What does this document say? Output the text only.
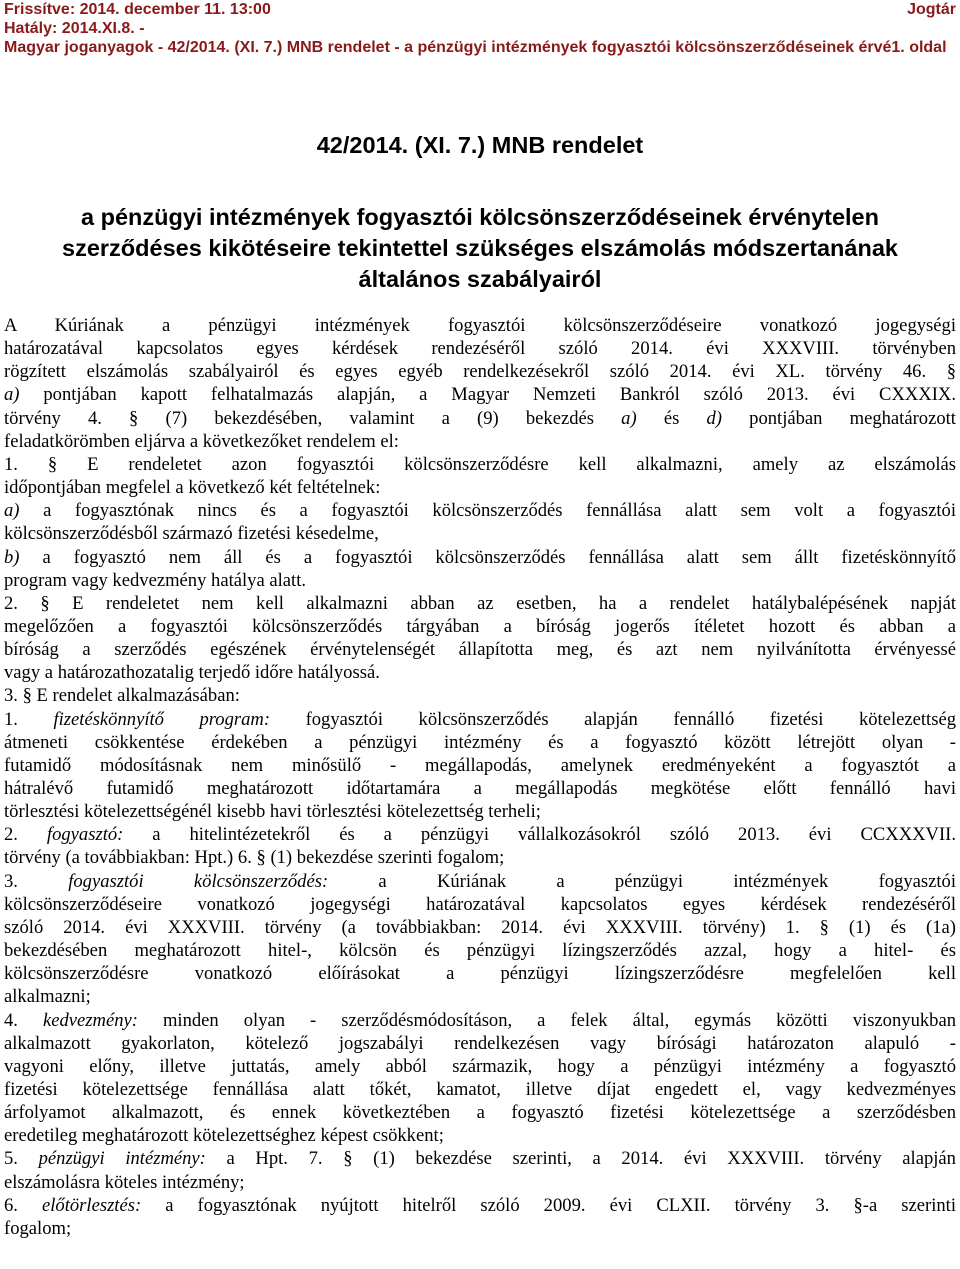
Frissítve: 2014. december 11. 13:00	Jogtár
Hatály: 2014.XI.8. -
Magyar joganyagok - 42/2014. (XI. 7.) MNB rendelet - a pénzügyi intézmények fogyasztói kölcsönszerződéseinek érvé1. oldal
42/2014. (XI. 7.) MNB rendelet
a pénzügyi intézmények fogyasztói kölcsönszerződéseinek érvénytelen
szerződéses kikötéseire tekintettel szükséges elszámolás módszertanának
általános szabályairól
A Kúriának a pénzügyi intézmények fogyasztói kölcsönszerződéseire vonatkozó jogegységi
határozatával kapcsolatos egyes kérdések rendezéséről szóló 2014. évi XXXVIII. törvényben
rögzített elszámolás szabályairól és egyes egyéb rendelkezésekről szóló 2014. évi XL. törvény 46. §
a) pontjában kapott felhatalmazás alapján, a Magyar Nemzeti Bankról szóló 2013. évi CXXXIX.
törvény 4. § (7) bekezdésében, valamint a (9) bekezdés a) és d) pontjában meghatározott
feladatkörömben eljárva a következőket rendelem el:
1. § E rendeletet azon fogyasztói kölcsönszerződésre kell alkalmazni, amely az elszámolás
időpontjában megfelel a következő két feltételnek:
a) a fogyasztónak nincs és a fogyasztói kölcsönszerződés fennállása alatt sem volt a fogyasztói
kölcsönszerződésből származó fizetési késedelme,
b) a fogyasztó nem áll és a fogyasztói kölcsönszerződés fennállása alatt sem állt fizetéskönnyítő
program vagy kedvezmény hatálya alatt.
2. § E rendeletet nem kell alkalmazni abban az esetben, ha a rendelet hatálybalépésének napját
megelőzően a fogyasztói kölcsönszerződés tárgyában a bíróság jogerős ítéletet hozott és abban a
bíróság a szerződés egészének érvénytelenségét állapította meg, és azt nem nyilvánította érvényessé
vagy a határozathozatalig terjedő időre hatályossá.
3. § E rendelet alkalmazásában:
1. fizetéskönnyítő program: fogyasztói kölcsönszerződés alapján fennálló fizetési kötelezettség
átmeneti csökkentése érdekében a pénzügyi intézmény és a fogyasztó között létrejött olyan -
futamidő módosításnak nem minősülő - megállapodás, amelynek eredményeként a fogyasztót a
hátralévő futamidő meghatározott időtartamára a megállapodás megkötése előtt fennálló havi
törlesztési kötelezettségénél kisebb havi törlesztési kötelezettség terheli;
2. fogyasztó: a hitelintézetekről és a pénzügyi vállalkozásokról szóló 2013. évi CCXXXVII.
törvény (a továbbiakban: Hpt.) 6. § (1) bekezdése szerinti fogalom;
3. fogyasztói kölcsönszerződés: a Kúriának a pénzügyi intézmények fogyasztói
kölcsönszerződéseire vonatkozó jogegységi határozatával kapcsolatos egyes kérdések rendezéséről
szóló 2014. évi XXXVIII. törvény (a továbbiakban: 2014. évi XXXVIII. törvény) 1. § (1) és (1a)
bekezdésében meghatározott hitel-, kölcsön és pénzügyi lízingszerződés azzal, hogy a hitel- és
kölcsönszerződésre vonatkozó előírásokat a pénzügyi lízingszerződésre megfelelően kell
alkalmazni;
4. kedvezmény: minden olyan - szerződésmódosításon, a felek által, egymás közötti viszonyukban
alkalmazott gyakorlaton, kötelező jogszabályi rendelkezésen vagy bírósági határozaton alapuló -
vagyoni előny, illetve juttatás, amely abból származik, hogy a pénzügyi intézmény a fogyasztó
fizetési kötelezettsége fennállása alatt tőkét, kamatot, illetve díjat engedett el, vagy kedvezményes
árfolyamot alkalmazott, és ennek következtében a fogyasztó fizetési kötelezettsége a szerződésben
eredetileg meghatározott kötelezettséghez képest csökkent;
5. pénzügyi intézmény: a Hpt. 7. § (1) bekezdése szerinti, a 2014. évi XXXVIII. törvény alapján
elszámolásra köteles intézmény;
6. előtörlesztés: a fogyasztónak nyújtott hitelről szóló 2009. évi CLXII. törvény 3. §-a szerinti
fogalom;
